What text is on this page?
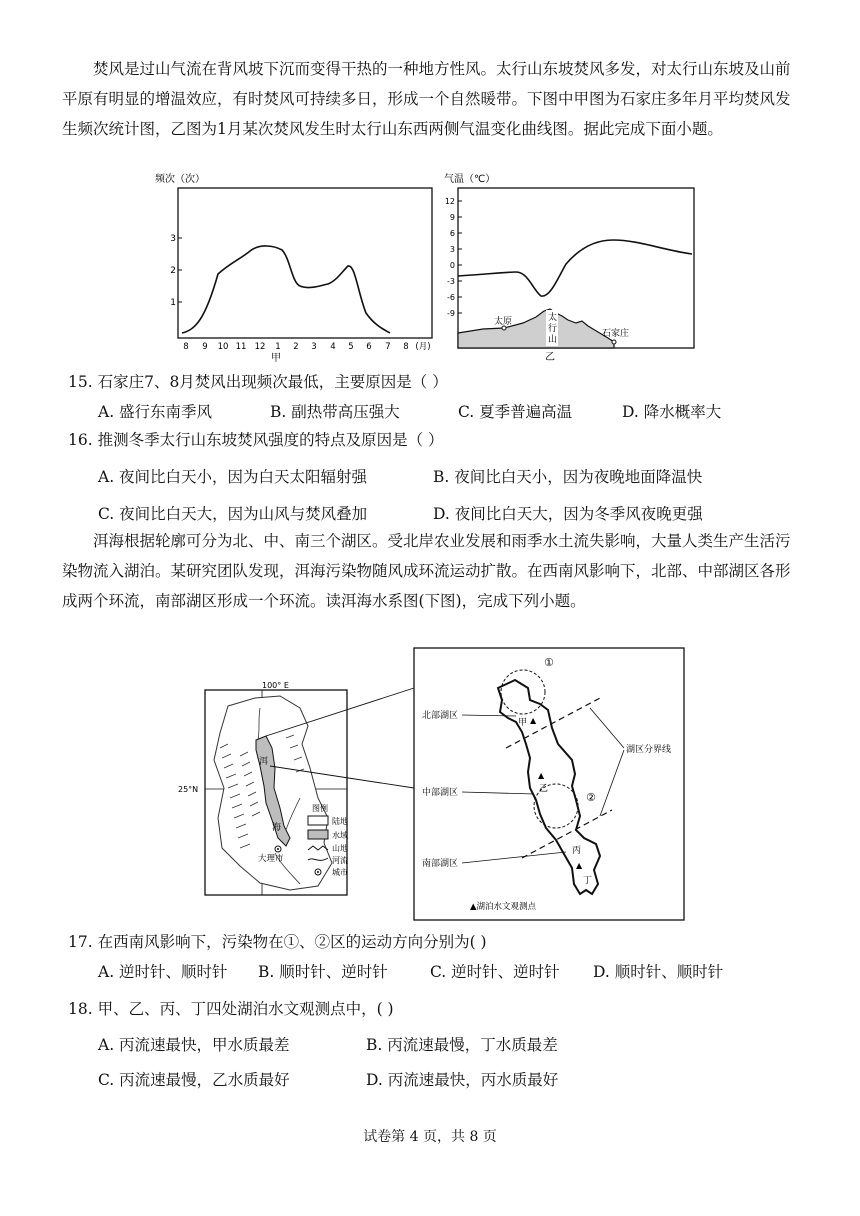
焚风是过山气流在背风坡下沉而变得干热的一种地方性风。太行山东坡焚风多发，对太行山东坡及山前平原有明显的增温效应，有时焚风可持续多日，形成一个自然暖带。下图中甲图为石家庄多年月平均焚风发生频次统计图，乙图为1月某次焚风发生时太行山东西两侧气温变化曲线图。据此完成下面小题。

频次（次）
3
2
1
8 9 10 11 12 1 2 3 4 5 6 7 8 (月)
甲
气温（℃）
12
9
6
3
0
-3
-6
-9
太原	太
行
山
石家庄
乙
15. 石家庄7、8月焚风出现频次最低，主要原因是（ ）
A. 盛行东南季风	B. 副热带高压强大	C. 夏季普遍高温	D. 降水概率大
16. 推测冬季太行山东坡焚风强度的特点及原因是（ ）
A. 夜间比白天小，因为白天太阳辐射强	B. 夜间比白天小，因为夜晚地面降温快
C. 夜间比白天大，因为山风与焚风叠加	D. 夜间比白天大，因为冬季风夜晚更强

洱海根据轮廓可分为北、中、南三个湖区。受北岸农业发展和雨季水土流失影响，大量人类生产生活污染物流入湖泊。某研究团队发现，洱海污染物随风成环流运动扩散。在西南风影响下，北部、中部湖区各形成两个环流，南部湖区形成一个环流。读洱海水系图(下图)，完成下列小题。

100° E
25°N
洱
海
大理市
图例
陆地
水域
山地
河流
城市
①
②
北部湖区
中部湖区
南部湖区
湖区分界线
甲 ▲
▲
乙
丙
▲
丁
▲湖泊水文观测点
17. 在西南风影响下，污染物在①、②区的运动方向分别为( )
A. 逆时针、顺时针 B. 顺时针、逆时针	C. 逆时针、逆时针 D. 顺时针、顺时针
18. 甲、乙、丙、丁四处湖泊水文观测点中，( )
A. 丙流速最快，甲水质最差	B. 丙流速最慢，丁水质最差
C. 丙流速最慢，乙水质最好	D. 丙流速最快，丙水质最好
试卷第 4 页，共 8 页
